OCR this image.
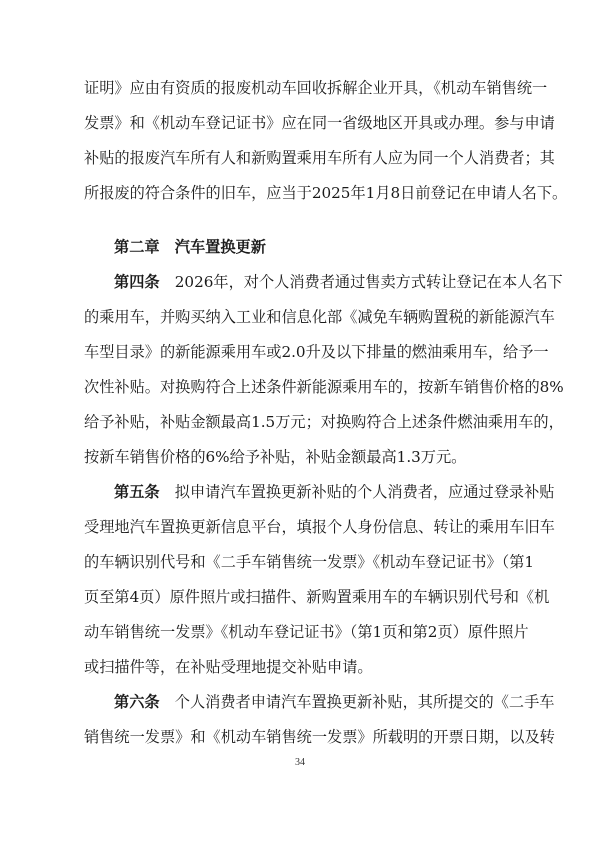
证明》应由有资质的报废机动车回收拆解企业开具，《机动车销售统一
发票》和《机动车登记证书》应在同一省级地区开具或办理。参与申请
补贴的报废汽车所有人和新购置乘用车所有人应为同一个人消费者；其
所报废的符合条件的旧车，应当于2025年1月8日前登记在申请人名下。
第二章　汽车置换更新
第四条　2026年，对个人消费者通过售卖方式转让登记在本人名下
的乘用车，并购买纳入工业和信息化部《减免车辆购置税的新能源汽车
车型目录》的新能源乘用车或2.0升及以下排量的燃油乘用车，给予一
次性补贴。对换购符合上述条件新能源乘用车的，按新车销售价格的8%
给予补贴，补贴金额最高1.5万元；对换购符合上述条件燃油乘用车的，
按新车销售价格的6%给予补贴，补贴金额最高1.3万元。
第五条　拟申请汽车置换更新补贴的个人消费者，应通过登录补贴
受理地汽车置换更新信息平台，填报个人身份信息、转让的乘用车旧车
的车辆识别代号和《二手车销售统一发票》《机动车登记证书》（第1
页至第4页）原件照片或扫描件、新购置乘用车的车辆识别代号和《机
动车销售统一发票》《机动车登记证书》（第1页和第2页）原件照片
或扫描件等，在补贴受理地提交补贴申请。
第六条　个人消费者申请汽车置换更新补贴，其所提交的《二手车
销售统一发票》和《机动车销售统一发票》所载明的开票日期，以及转
34
